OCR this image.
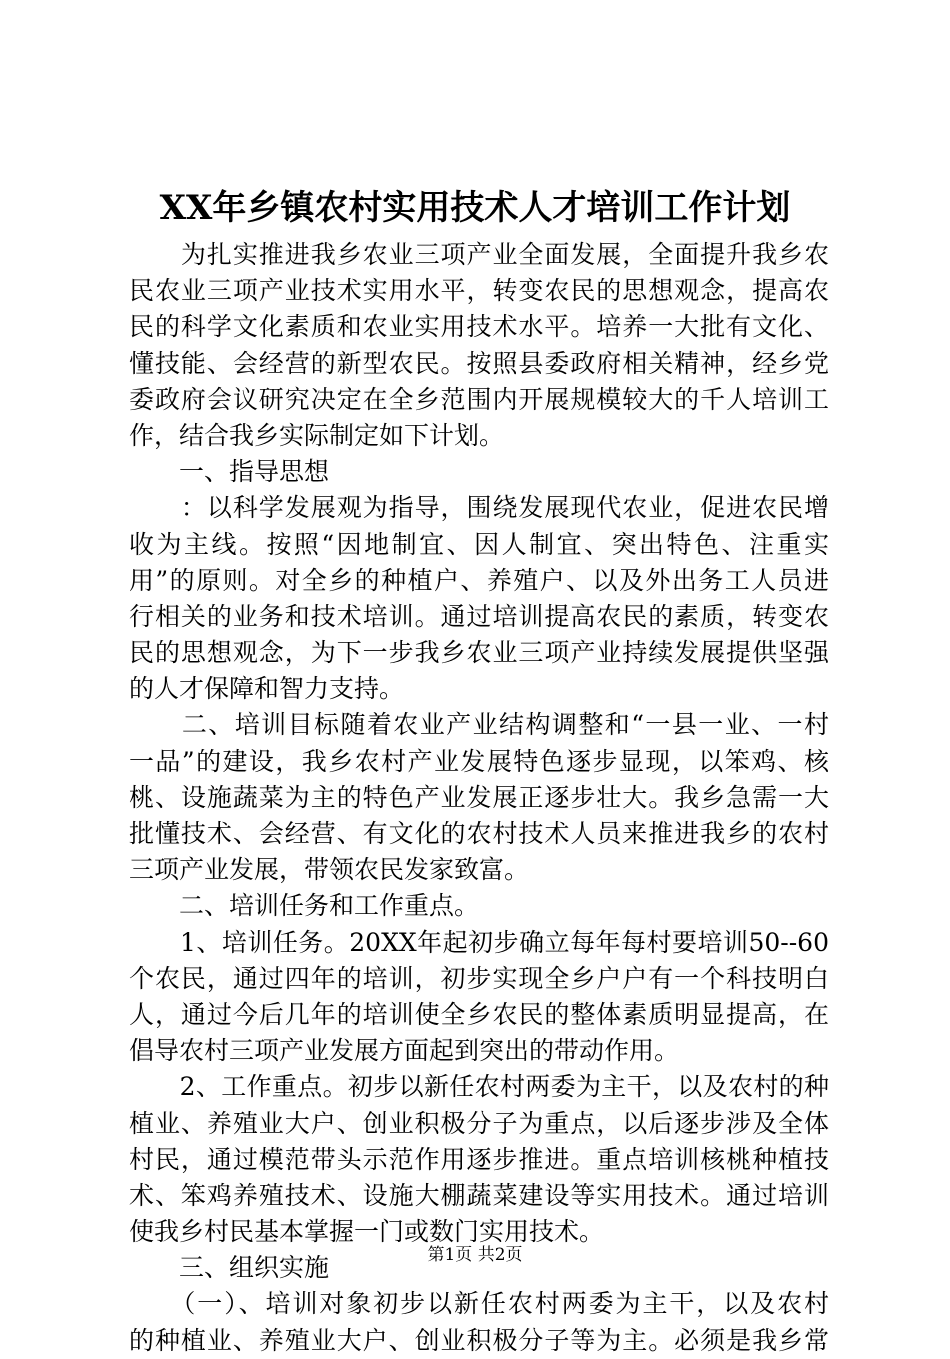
XX年乡镇农村实用技术人才培训工作计划
　　为扎实推进我乡农业三项产业全面发展，全面提升我乡农
民农业三项产业技术实用水平，转变农民的思想观念，提高农
民的科学文化素质和农业实用技术水平。培养一大批有文化、
懂技能、会经营的新型农民。按照县委政府相关精神，经乡党
委政府会议研究决定在全乡范围内开展规模较大的千人培训工
作，结合我乡实际制定如下计划。
　　一、指导思想
　　：以科学发展观为指导，围绕发展现代农业，促进农民增
收为主线。按照“因地制宜、因人制宜、突出特色、注重实
用”的原则。对全乡的种植户、养殖户、以及外出务工人员进
行相关的业务和技术培训。通过培训提高农民的素质，转变农
民的思想观念，为下一步我乡农业三项产业持续发展提供坚强
的人才保障和智力支持。
　　二、培训目标随着农业产业结构调整和“一县一业、一村
一品”的建设，我乡农村产业发展特色逐步显现，以笨鸡、核
桃、设施蔬菜为主的特色产业发展正逐步壮大。我乡急需一大
批懂技术、会经营、有文化的农村技术人员来推进我乡的农村
三项产业发展，带领农民发家致富。
　　二、培训任务和工作重点。
　　1、培训任务。20XX年起初步确立每年每村要培训50--60
个农民，通过四年的培训，初步实现全乡户户有一个科技明白
人，通过今后几年的培训使全乡农民的整体素质明显提高，在
倡导农村三项产业发展方面起到突出的带动作用。
　　2、工作重点。初步以新任农村两委为主干，以及农村的种
植业、养殖业大户、创业积极分子为重点，以后逐步涉及全体
村民，通过模范带头示范作用逐步推进。重点培训核桃种植技
术、笨鸡养殖技术、设施大棚蔬菜建设等实用技术。通过培训
使我乡村民基本掌握一门或数门实用技术。
　　三、组织实施
　　（一）、培训对象初步以新任农村两委为主干，以及农村
的种植业、养殖业大户、创业积极分子等为主。必须是我乡常
第1页 共2页
